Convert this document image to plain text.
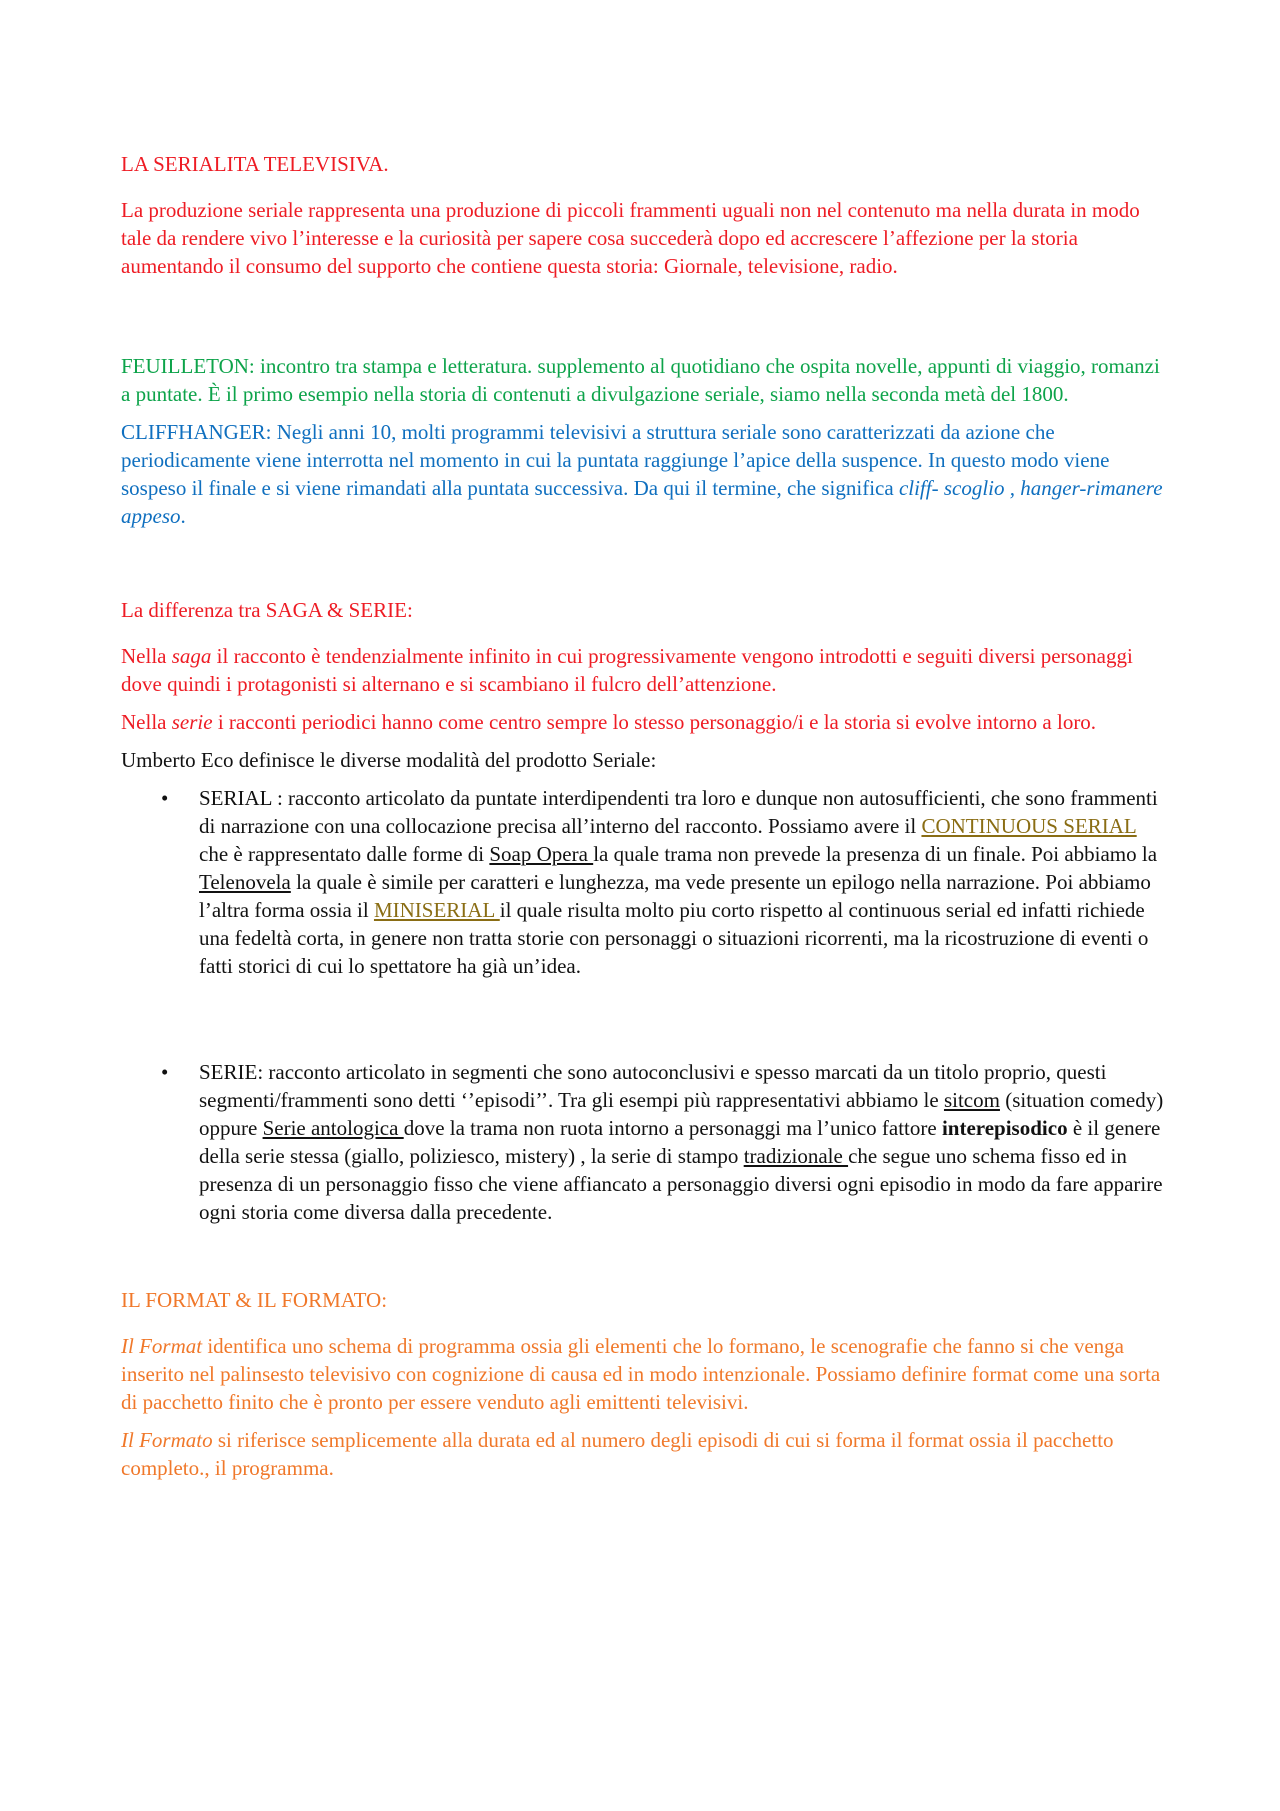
LA SERIALITA TELEVISIVA.

La produzione seriale rappresenta una produzione di piccoli frammenti uguali non nel contenuto ma nella durata in modo tale da rendere vivo l’interesse e la curiosità per sapere cosa succederà dopo ed accrescere l’affezione per la storia aumentando il consumo del supporto che contiene questa storia: Giornale, televisione, radio.

FEUILLETON: incontro tra stampa e letteratura. supplemento al quotidiano che ospita novelle, appunti di viaggio, romanzi a puntate. È il primo esempio nella storia di contenuti a divulgazione seriale, siamo nella seconda metà del 1800.

CLIFFHANGER: Negli anni 10, molti programmi televisivi a struttura seriale sono caratterizzati da azione che periodicamente viene interrotta nel momento in cui la puntata raggiunge l’apice della suspence. In questo modo viene sospeso il finale e si viene rimandati alla puntata successiva. Da qui il termine, che significa cliff- scoglio , hanger-rimanere appeso.

La differenza tra SAGA & SERIE:

Nella saga il racconto è tendenzialmente infinito in cui progressivamente vengono introdotti e seguiti diversi personaggi dove quindi i protagonisti si alternano e si scambiano il fulcro dell’attenzione.

Nella serie i racconti periodici hanno come centro sempre lo stesso personaggio/i e la storia si evolve intorno a loro.

Umberto Eco definisce le diverse modalità del prodotto Seriale:

• SERIAL : racconto articolato da puntate interdipendenti tra loro e dunque non autosufficienti, che sono frammenti di narrazione con una collocazione precisa all’interno del racconto. Possiamo avere il CONTINUOUS SERIAL che è rappresentato dalle forme di Soap Opera la quale trama non prevede la presenza di un finale. Poi abbiamo la Telenovela la quale è simile per caratteri e lunghezza, ma vede presente un epilogo nella narrazione. Poi abbiamo l’altra forma ossia il MINISERIAL il quale risulta molto piu corto rispetto al continuous serial ed infatti richiede una fedeltà corta, in genere non tratta storie con personaggi o situazioni ricorrenti, ma la ricostruzione di eventi o fatti storici di cui lo spettatore ha già un’idea.
• SERIE: racconto articolato in segmenti che sono autoconclusivi e spesso marcati da un titolo proprio, questi segmenti/frammenti sono detti ‘’episodi’’. Tra gli esempi più rappresentativi abbiamo le sitcom (situation comedy) oppure Serie antologica dove la trama non ruota intorno a personaggi ma l’unico fattore interepisodico è il genere della serie stessa (giallo, poliziesco, mistery) , la serie di stampo tradizionale che segue uno schema fisso ed in presenza di un personaggio fisso che viene affiancato a personaggio diversi ogni episodio in modo da fare apparire ogni storia come diversa dalla precedente.

IL FORMAT & IL FORMATO:

Il Format identifica uno schema di programma ossia gli elementi che lo formano, le scenografie che fanno si che venga inserito nel palinsesto televisivo con cognizione di causa ed in modo intenzionale. Possiamo definire format come una sorta di pacchetto finito che è pronto per essere venduto agli emittenti televisivi.

Il Formato si riferisce semplicemente alla durata ed al numero degli episodi di cui si forma il format ossia il pacchetto completo., il programma.
